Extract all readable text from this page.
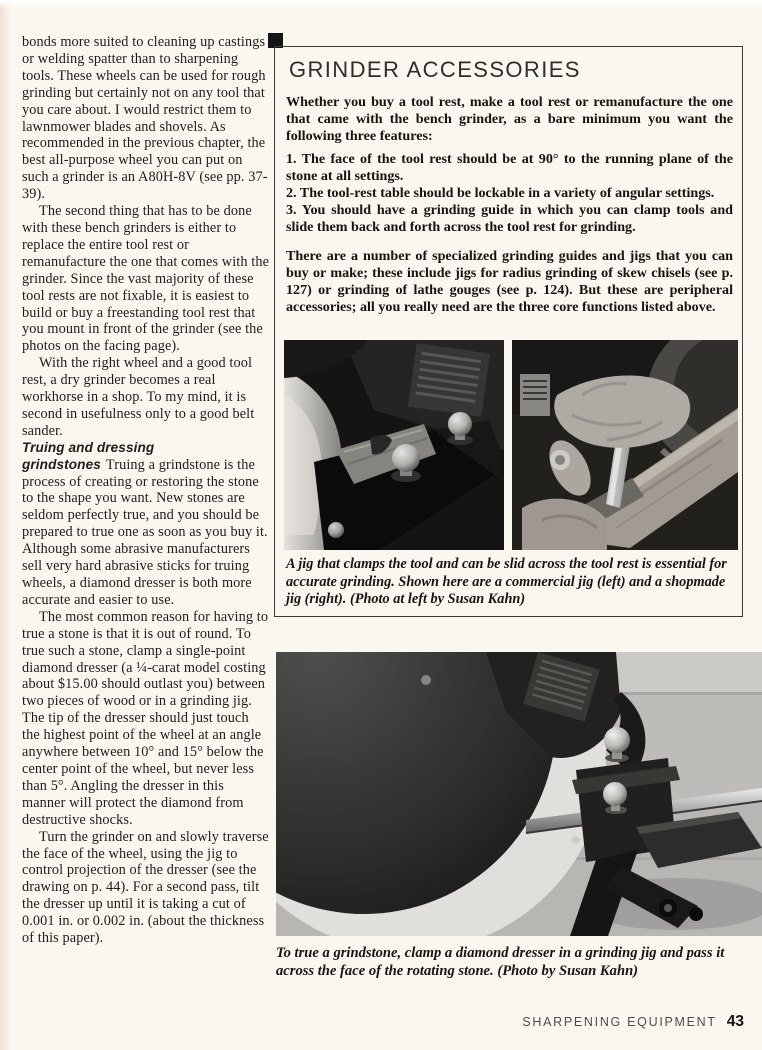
bonds more suited to cleaning up castings or welding spatter than to sharpening tools. These wheels can be used for rough grinding but certainly not on any tool that you care about. I would restrict them to lawnmower blades and shovels. As recommended in the previous chapter, the best all-purpose wheel you can put on such a grinder is an A80H-8V (see pp. 37-39).

The second thing that has to be done with these bench grinders is either to replace the entire tool rest or remanufacture the one that comes with the grinder. Since the vast majority of these tool rests are not fixable, it is easiest to build or buy a freestanding tool rest that you mount in front of the grinder (see the photos on the facing page).

With the right wheel and a good tool rest, a dry grinder becomes a real workhorse in a shop. To my mind, it is second in usefulness only to a good belt sander.

Truing and dressing grindstones Truing a grindstone is the process of creating or restoring the stone to the shape you want. New stones are seldom perfectly true, and you should be prepared to true one as soon as you buy it. Although some abrasive manufacturers sell very hard abrasive sticks for truing wheels, a diamond dresser is both more accurate and easier to use.

The most common reason for having to true a stone is that it is out of round. To true such a stone, clamp a single-point diamond dresser (a ¼-carat model costing about $15.00 should outlast you) between two pieces of wood or in a grinding jig. The tip of the dresser should just touch the highest point of the wheel at an angle anywhere between 10° and 15° below the center point of the wheel, but never less than 5°. Angling the dresser in this manner will protect the diamond from destructive shocks.

Turn the grinder on and slowly traverse the face of the wheel, using the jig to control projection of the dresser (see the drawing on p. 44). For a second pass, tilt the dresser up until it is taking a cut of 0.001 in. or 0.002 in. (about the thickness of this paper).

GRINDER ACCESSORIES

Whether you buy a tool rest, make a tool rest or remanufacture the one that came with the bench grinder, as a bare minimum you want the following three features:

1. The face of the tool rest should be at 90° to the running plane of the stone at all settings.

2. The tool-rest table should be lockable in a variety of angular settings.

3. You should have a grinding guide in which you can clamp tools and slide them back and forth across the tool rest for grinding.

There are a number of specialized grinding guides and jigs that you can buy or make; these include jigs for radius grinding of skew chisels (see p. 127) or grinding of lathe gouges (see p. 124). But these are peripheral accessories; all you really need are the three core functions listed above.

A jig that clamps the tool and can be slid across the tool rest is essential for accurate grinding. Shown here are a commercial jig (left) and a shopmade jig (right). (Photo at left by Susan Kahn)

To true a grindstone, clamp a diamond dresser in a grinding jig and pass it across the face of the rotating stone. (Photo by Susan Kahn)

SHARPENING EQUIPMENT 43
